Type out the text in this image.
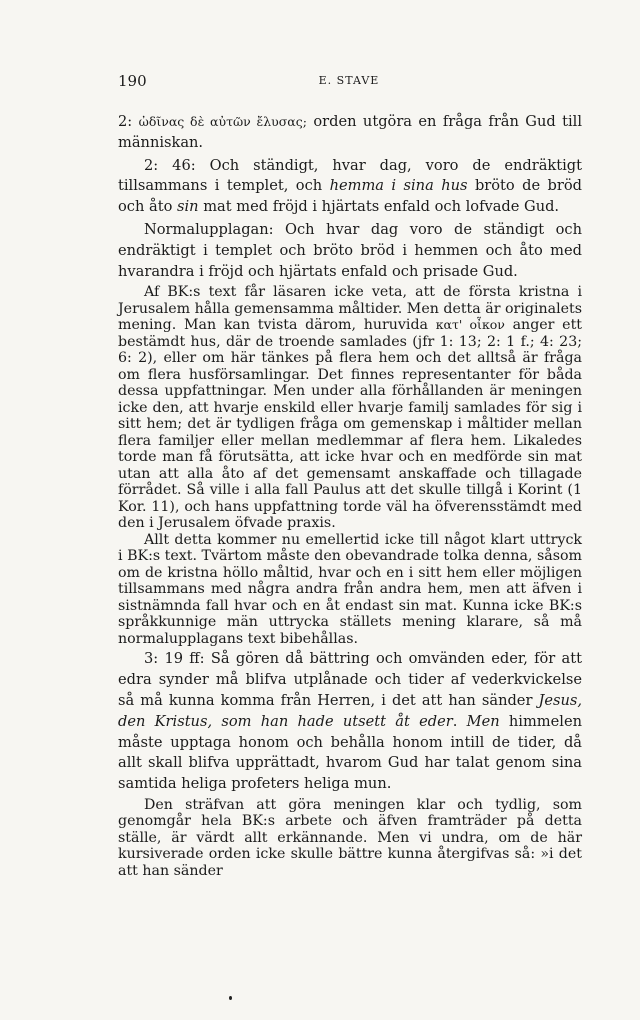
190	E. STAVE

2: ὠδῖνας δὲ αὐτῶν ἔλυσας; orden utgöra en fråga från Gud till människan.

2: 46: Och ständigt, hvar dag, voro de endräktigt tillsammans i templet, och hemma i sina hus bröto de bröd och åto sin mat med fröjd i hjärtats enfald och lofvade Gud.

Normalupplagan: Och hvar dag voro de ständigt och endräktigt i templet och bröto bröd i hemmen och åto med hvarandra i fröjd och hjärtats enfald och prisade Gud.

Af BK:s text får läsaren icke veta, att de första kristna i Jerusalem hålla gemensamma måltider. Men detta är originalets mening. Man kan tvista därom, huruvida κατ' οἶκον anger ett bestämdt hus, där de troende samlades (jfr 1: 13; 2: 1 f.; 4: 23; 6: 2), eller om här tänkes på flera hem och det alltså är fråga om flera husförsamlingar. Det finnes representanter för båda dessa uppfattningar. Men under alla förhållanden är meningen icke den, att hvarje enskild eller hvarje familj samlades för sig i sitt hem; det är tydligen fråga om gemenskap i måltider mellan flera familjer eller mellan medlemmar af flera hem. Likaledes torde man få förutsätta, att icke hvar och en medförde sin mat utan att alla åto af det gemensamt anskaffade och tillagade förrådet. Så ville i alla fall Paulus att det skulle tillgå i Korint (1 Kor. 11), och hans uppfattning torde väl ha öfverensstämdt med den i Jerusalem öfvade praxis.

Allt detta kommer nu emellertid icke till något klart uttryck i BK:s text. Tvärtom måste den obevandrade tolka denna, såsom om de kristna höllo måltid, hvar och en i sitt hem eller möjligen tillsammans med några andra från andra hem, men att äfven i sistnämnda fall hvar och en åt endast sin mat. Kunna icke BK:s språkkunnige män uttrycka ställets mening klarare, så må normalupplagans text bibehållas.

3: 19 ff: Så gören då bättring och omvänden eder, för att edra synder må blifva utplånade och tider af vederkvickelse så må kunna komma från Herren, i det att han sänder Jesus, den Kristus, som han hade utsett åt eder. Men himmelen måste upptaga honom och behålla honom intill de tider, då allt skall blifva upprättadt, hvarom Gud har talat genom sina samtida heliga profeters heliga mun.

Den sträfvan att göra meningen klar och tydlig, som genomgår hela BK:s arbete och äfven framträder på detta ställe, är värdt allt erkännande. Men vi undra, om de här kursiverade orden icke skulle bättre kunna återgifvas så: »i det att han sänder
